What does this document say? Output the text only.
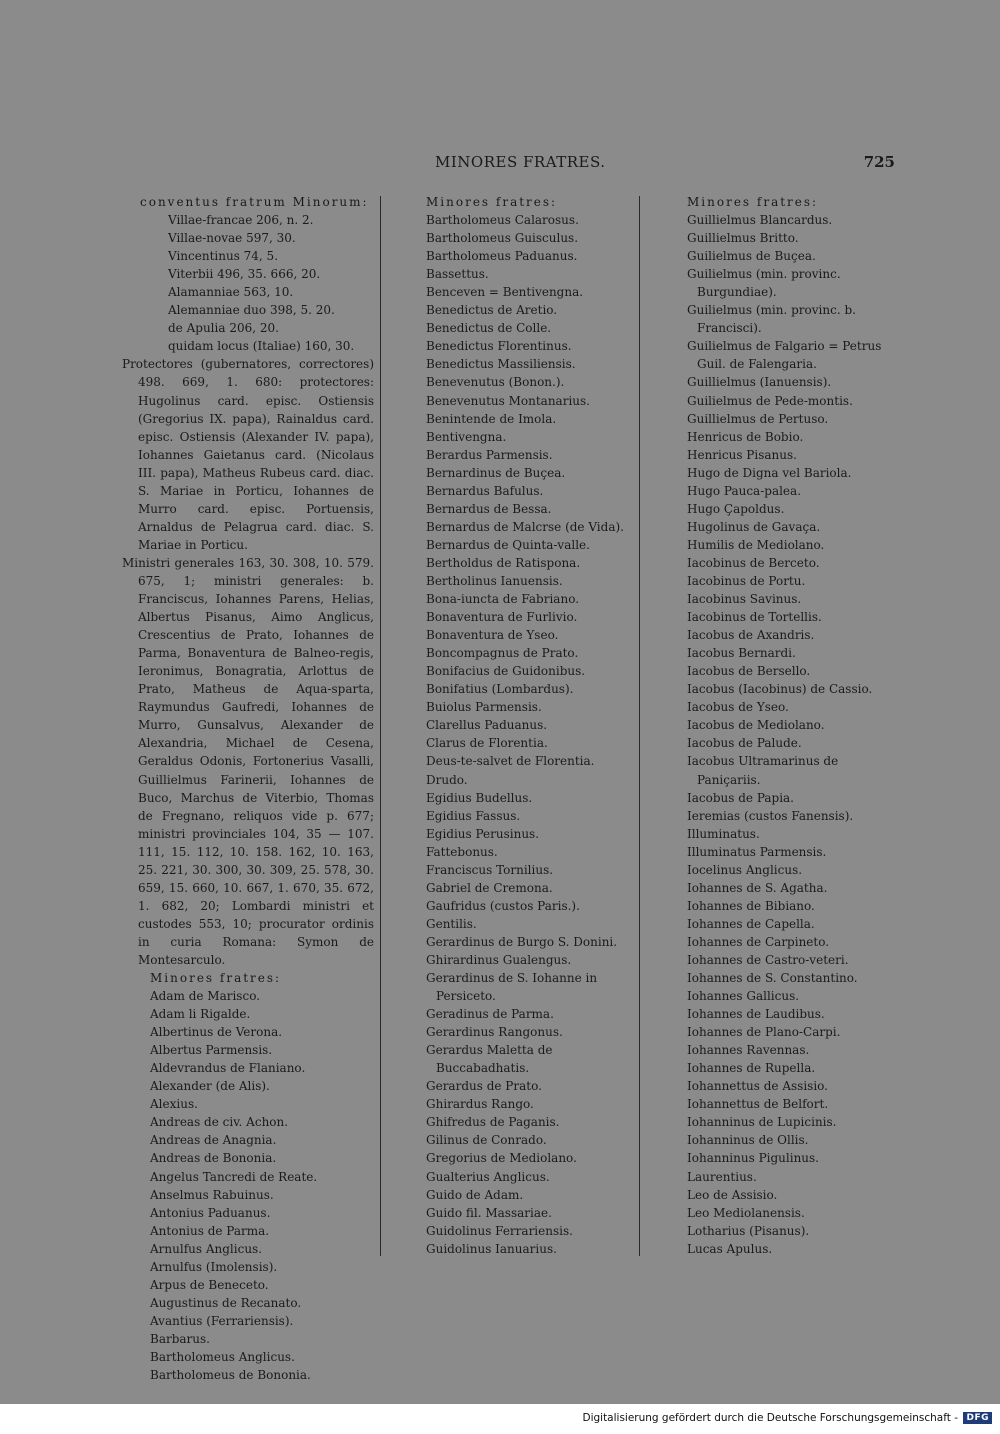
MINORES FRATRES.	725

conventus fratrum Minorum:

Villae-francae 206, n. 2.

Villae-novae 597, 30.

Vincentinus 74, 5.

Viterbii 496, 35. 666, 20.

Alamanniae 563, 10.

Alemanniae duo 398, 5. 20.

de Apulia 206, 20.

quidam locus (Italiae) 160, 30.

Protectores (gubernatores, correctores) 498. 669, 1. 680: protectores: Hugolinus card. episc. Ostiensis (Gregorius IX. papa), Rainaldus card. episc. Ostiensis (Alexander IV. papa), Iohannes Gaietanus card. (Nicolaus III. papa), Matheus Rubeus card. diac. S. Mariae in Porticu, Iohannes de Murro card. episc. Portuensis, Arnaldus de Pelagrua card. diac. S. Mariae in Porticu.

Ministri generales 163, 30. 308, 10. 579. 675, 1; ministri generales: b. Franciscus, Iohannes Parens, Helias, Albertus Pisanus, Aimo Anglicus, Crescentius de Prato, Iohannes de Parma, Bonaventura de Balneo-regis, Ieronimus, Bonagratia, Arlottus de Prato, Matheus de Aqua-sparta, Raymundus Gaufredi, Iohannes de Murro, Gunsalvus, Alexander de Alexandria, Michael de Cesena, Geraldus Odonis, Fortonerius Vasalli, Guillielmus Farinerii, Iohannes de Buco, Marchus de Viterbio, Thomas de Fregnano, reliquos vide p. 677; ministri provinciales 104, 35 — 107. 111, 15. 112, 10. 158. 162, 10. 163, 25. 221, 30. 300, 30. 309, 25. 578, 30. 659, 15. 660, 10. 667, 1. 670, 35. 672, 1. 682, 20; Lombardi ministri et custodes 553, 10; procurator ordinis in curia Romana: Symon de Montesarculo.

Minores fratres:

Adam de Marisco.

Adam li Rigalde.

Albertinus de Verona.

Albertus Parmensis.

Aldevrandus de Flaniano.

Alexander (de Alis).

Alexius.

Andreas de civ. Achon.

Andreas de Anagnia.

Andreas de Bononia.

Angelus Tancredi de Reate.

Anselmus Rabuinus.

Antonius Paduanus.

Antonius de Parma.

Arnulfus Anglicus.

Arnulfus (Imolensis).

Arpus de Beneceto.

Augustinus de Recanato.

Avantius (Ferrariensis).

Barbarus.

Bartholomeus Anglicus.

Bartholomeus de Bononia.

Minores fratres:

Bartholomeus Calarosus.

Bartholomeus Guisculus.

Bartholomeus Paduanus.

Bassettus.

Benceven = Bentivengna.

Benedictus de Aretio.

Benedictus de Colle.

Benedictus Florentinus.

Benedictus Massiliensis.

Benevenutus (Bonon.).

Benevenutus Montanarius.

Benintende de Imola.

Bentivengna.

Berardus Parmensis.

Bernardinus de Buçea.

Bernardus Bafulus.

Bernardus de Bessa.

Bernardus de Malcrse (de Vida).

Bernardus de Quinta-valle.

Bertholdus de Ratispona.

Bertholinus Ianuensis.

Bona-iuncta de Fabriano.

Bonaventura de Furlivio.

Bonaventura de Yseo.

Boncompagnus de Prato.

Bonifacius de Guidonibus.

Bonifatius (Lombardus).

Buiolus Parmensis.

Clarellus Paduanus.

Clarus de Florentia.

Deus-te-salvet de Florentia.

Drudo.

Egidius Budellus.

Egidius Fassus.

Egidius Perusinus.

Fattebonus.

Franciscus Tornilius.

Gabriel de Cremona.

Gaufridus (custos Paris.).

Gentilis.

Gerardinus de Burgo S. Donini.

Ghirardinus Gualengus.

Gerardinus de S. Iohanne in Persiceto.

Geradinus de Parma.

Gerardinus Rangonus.

Gerardus Maletta de Buccabadhatis.

Gerardus de Prato.

Ghirardus Rango.

Ghifredus de Paganis.

Gilinus de Conrado.

Gregorius de Mediolano.

Gualterius Anglicus.

Guido de Adam.

Guido fil. Massariae.

Guidolinus Ferrariensis.

Guidolinus Ianuarius.

Minores fratres:

Guillielmus Blancardus.

Guillielmus Britto.

Guilielmus de Buçea.

Guilielmus (min. provinc. Burgundiae).

Guilielmus (min. provinc. b. Francisci).

Guilielmus de Falgario = Petrus Guil. de Falengaria.

Guillielmus (Ianuensis).

Guilielmus de Pede-montis.

Guillielmus de Pertuso.

Henricus de Bobio.

Henricus Pisanus.

Hugo de Digna vel Bariola.

Hugo Pauca-palea.

Hugo Çapoldus.

Hugolinus de Gavaça.

Humilis de Mediolano.

Iacobinus de Berceto.

Iacobinus de Portu.

Iacobinus Savinus.

Iacobinus de Tortellis.

Iacobus de Axandris.

Iacobus Bernardi.

Iacobus de Bersello.

Iacobus (Iacobinus) de Cassio.

Iacobus de Yseo.

Iacobus de Mediolano.

Iacobus de Palude.

Iacobus Ultramarinus de Paniçariis.

Iacobus de Papia.

Ieremias (custos Fanensis).

Illuminatus.

Illuminatus Parmensis.

Iocelinus Anglicus.

Iohannes de S. Agatha.

Iohannes de Bibiano.

Iohannes de Capella.

Iohannes de Carpineto.

Iohannes de Castro-veteri.

Iohannes de S. Constantino.

Iohannes Gallicus.

Iohannes de Laudibus.

Iohannes de Plano-Carpi.

Iohannes Ravennas.

Iohannes de Rupella.

Iohannettus de Assisio.

Iohannettus de Belfort.

Iohanninus de Lupicinis.

Iohanninus de Ollis.

Iohanninus Pigulinus.

Laurentius.

Leo de Assisio.

Leo Mediolanensis.

Lotharius (Pisanus).

Lucas Apulus.

Digitalisierung gefördert durch die Deutsche Forschungsgemeinschaft - DFG
